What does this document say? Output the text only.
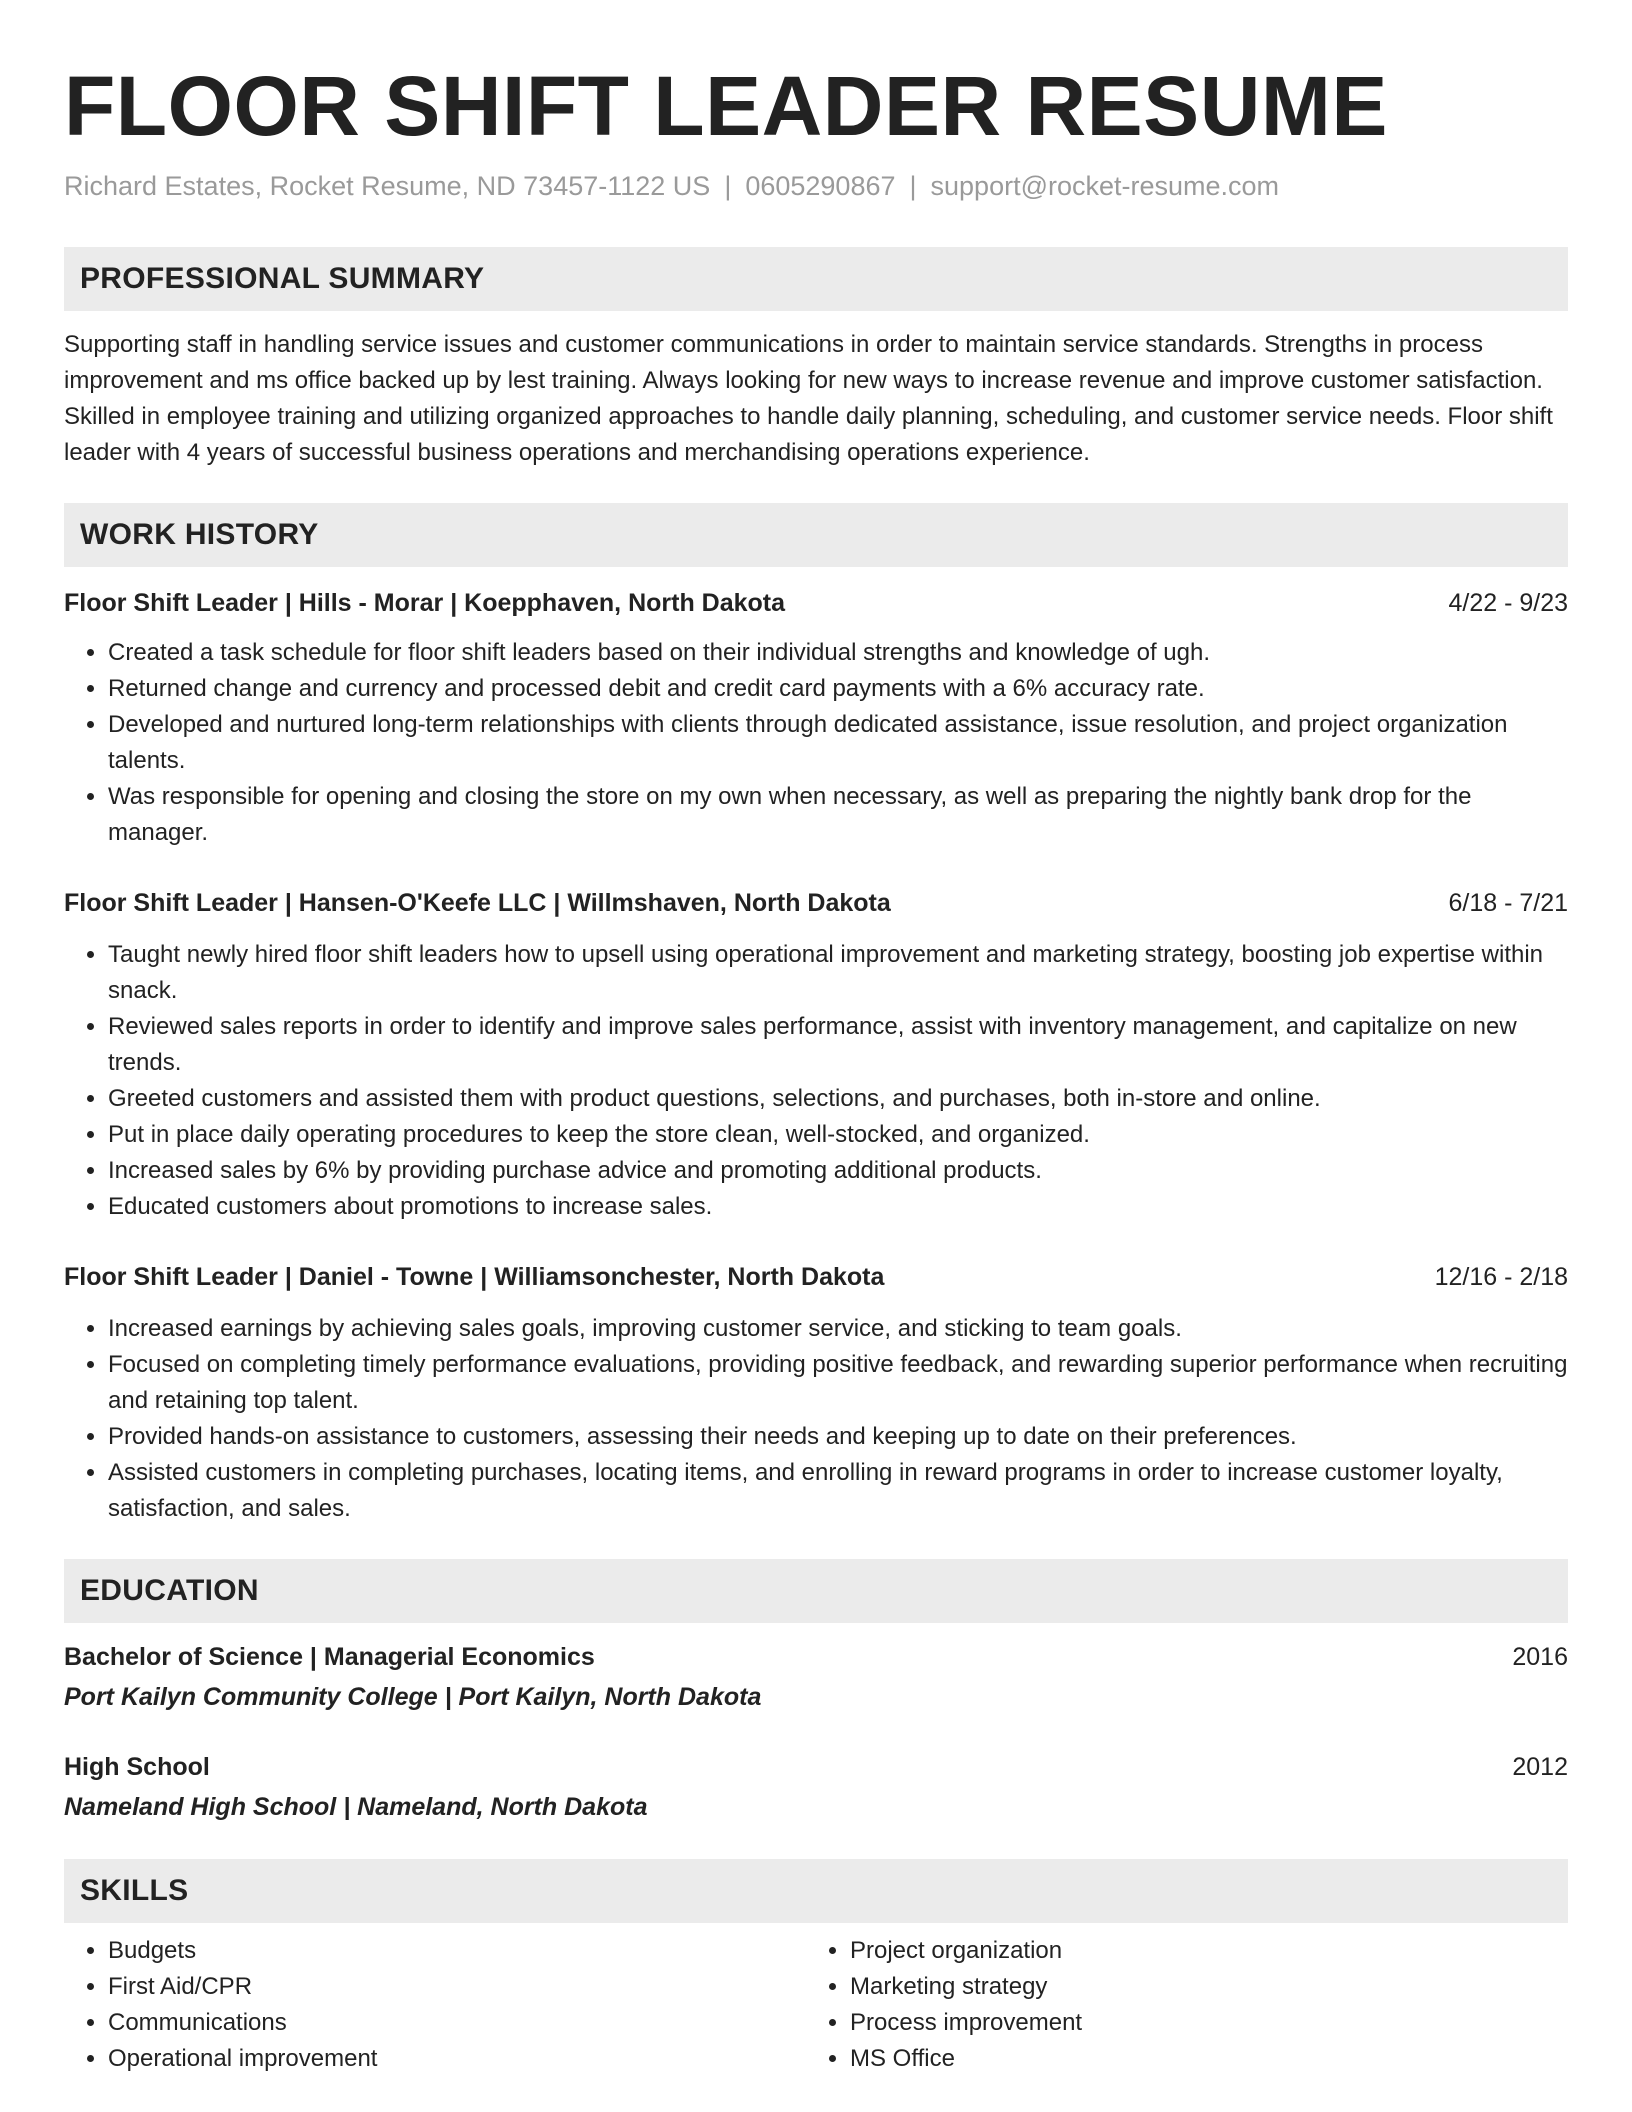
FLOOR SHIFT LEADER RESUME
Richard Estates, Rocket Resume, ND 73457-1122 US | 0605290867 | support@rocket-resume.com
PROFESSIONAL SUMMARY
Supporting staff in handling service issues and customer communications in order to maintain service standards. Strengths in process improvement and ms office backed up by lest training. Always looking for new ways to increase revenue and improve customer satisfaction. Skilled in employee training and utilizing organized approaches to handle daily planning, scheduling, and customer service needs. Floor shift leader with 4 years of successful business operations and merchandising operations experience.
WORK HISTORY
Floor Shift Leader | Hills - Morar | Koepphaven, North Dakota	4/22 - 9/23
• Created a task schedule for floor shift leaders based on their individual strengths and knowledge of ugh.
• Returned change and currency and processed debit and credit card payments with a 6% accuracy rate.
• Developed and nurtured long-term relationships with clients through dedicated assistance, issue resolution, and project organization talents.
• Was responsible for opening and closing the store on my own when necessary, as well as preparing the nightly bank drop for the manager.
Floor Shift Leader | Hansen-O'Keefe LLC | Willmshaven, North Dakota	6/18 - 7/21
• Taught newly hired floor shift leaders how to upsell using operational improvement and marketing strategy, boosting job expertise within snack.
• Reviewed sales reports in order to identify and improve sales performance, assist with inventory management, and capitalize on new trends.
• Greeted customers and assisted them with product questions, selections, and purchases, both in-store and online.
• Put in place daily operating procedures to keep the store clean, well-stocked, and organized.
• Increased sales by 6% by providing purchase advice and promoting additional products.
• Educated customers about promotions to increase sales.
Floor Shift Leader | Daniel - Towne | Williamsonchester, North Dakota	12/16 - 2/18
• Increased earnings by achieving sales goals, improving customer service, and sticking to team goals.
• Focused on completing timely performance evaluations, providing positive feedback, and rewarding superior performance when recruiting and retaining top talent.
• Provided hands-on assistance to customers, assessing their needs and keeping up to date on their preferences.
• Assisted customers in completing purchases, locating items, and enrolling in reward programs in order to increase customer loyalty, satisfaction, and sales.
EDUCATION
Bachelor of Science | Managerial Economics	2016
Port Kailyn Community College | Port Kailyn, North Dakota
High School	2012
Nameland High School | Nameland, North Dakota
SKILLS
• Budgets
• First Aid/CPR
• Communications
• Operational improvement
• Project organization
• Marketing strategy
• Process improvement
• MS Office
